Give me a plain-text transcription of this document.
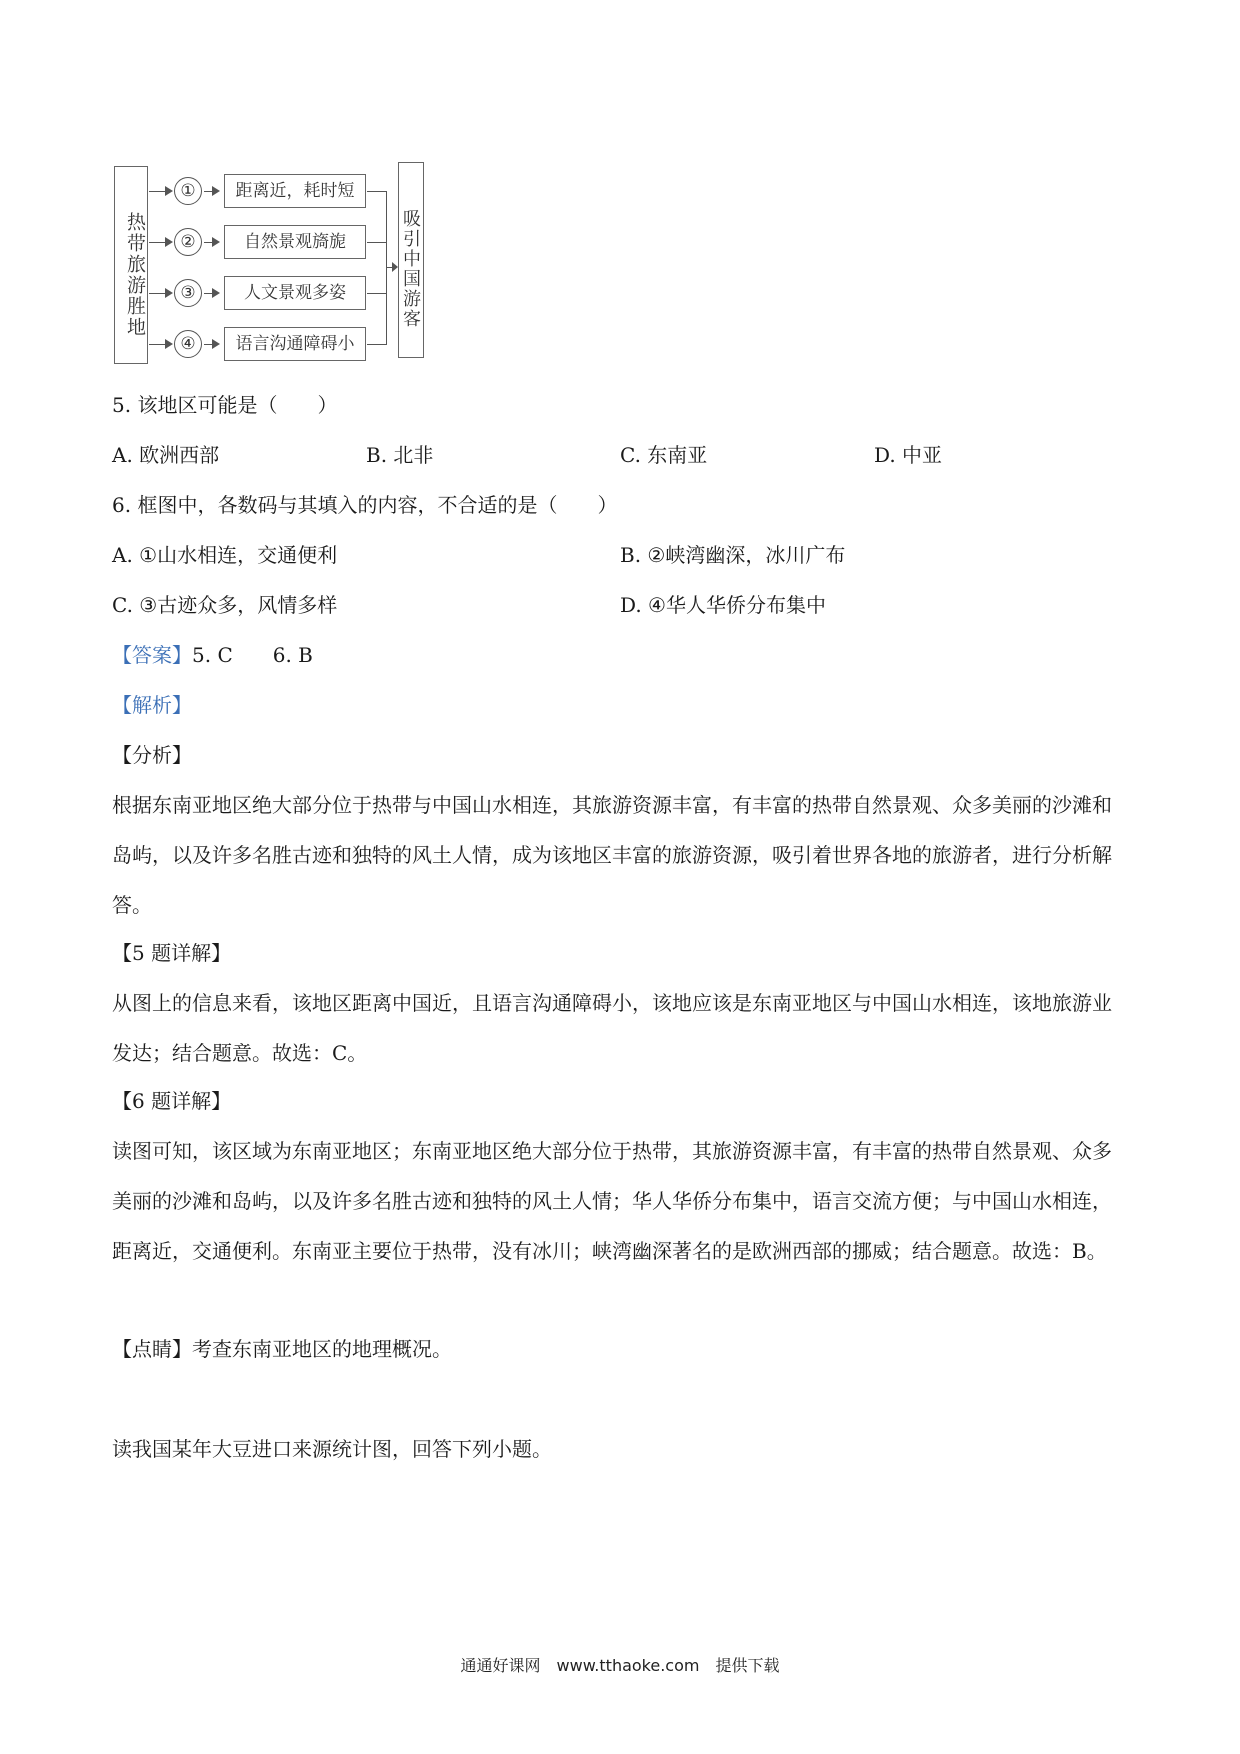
热带旅游胜地
①	距离近，耗时短
②	自然景观旖旎
③	人文景观多姿
④	语言沟通障碍小
吸引中国游客
5. 该地区可能是（　　）
A. 欧洲西部	B. 北非	C. 东南亚	D. 中亚
6. 框图中，各数码与其填入的内容，不合适的是（　　）
A. ①山水相连，交通便利	B. ②峡湾幽深，冰川广布
C. ③古迹众多，风情多样	D. ④华人华侨分布集中
【答案】5. C　　6. B
【解析】
【分析】
根据东南亚地区绝大部分位于热带与中国山水相连，其旅游资源丰富，有丰富的热带自然景观、众多美丽的沙滩和岛屿，以及许多名胜古迹和独特的风土人情，成为该地区丰富的旅游资源，吸引着世界各地的旅游者，进行分析解答。
【5 题详解】
从图上的信息来看，该地区距离中国近，且语言沟通障碍小，该地应该是东南亚地区与中国山水相连，该地旅游业发达；结合题意。故选：C。
【6 题详解】
读图可知，该区域为东南亚地区；东南亚地区绝大部分位于热带，其旅游资源丰富，有丰富的热带自然景观、众多美丽的沙滩和岛屿，以及许多名胜古迹和独特的风土人情；华人华侨分布集中，语言交流方便；与中国山水相连，距离近，交通便利。东南亚主要位于热带，没有冰川；峡湾幽深著名的是欧洲西部的挪威；结合题意。故选：B。
【点睛】考查东南亚地区的地理概况。
读我国某年大豆进口来源统计图，回答下列小题。
通通好课网　www.tthaoke.com　提供下载
